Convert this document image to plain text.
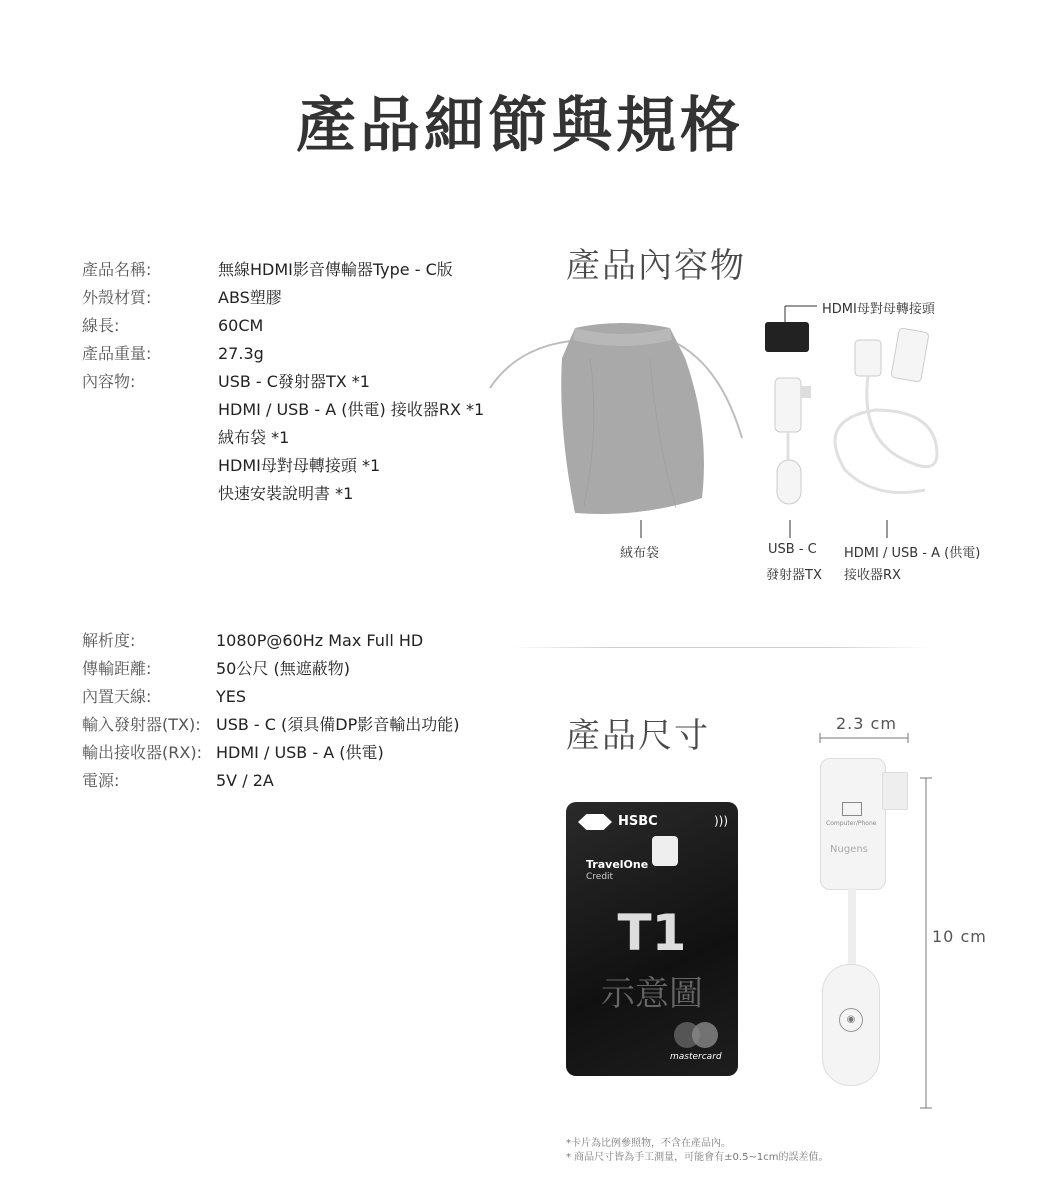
產品細節與規格
產品名稱:	無線HDMI影音傳輸器Type - C版
外殼材質:	ABS塑膠
線長:	60CM
產品重量:	27.3g
內容物:	USB - C發射器TX *1
HDMI / USB - A (供電) 接收器RX *1
絨布袋 *1
HDMI母對母轉接頭 *1
快速安裝說明書 *1
解析度:	1080P@60Hz Max Full HD
傳輸距離:	50公尺 (無遮蔽物)
內置天線:	YES
輸入發射器(TX): USB - C (須具備DP影音輸出功能)
輸出接收器(RX): HDMI / USB - A (供電)
電源:	5V / 2A
產品內容物
HDMI母對母轉接頭
絨布袋	USB - C
發射器TX
HDMI / USB - A (供電)
接收器RX
產品尺寸	2.3 cm
10 cm
HSBC	)))
TravelOne
Credit
T1
示意圖
mastercard
Computer/Phone
Nugens
◉
*卡片為比例參照物，不含在產品內。
* 商品尺寸皆為手工測量，可能會有±0.5~1cm的誤差值。
